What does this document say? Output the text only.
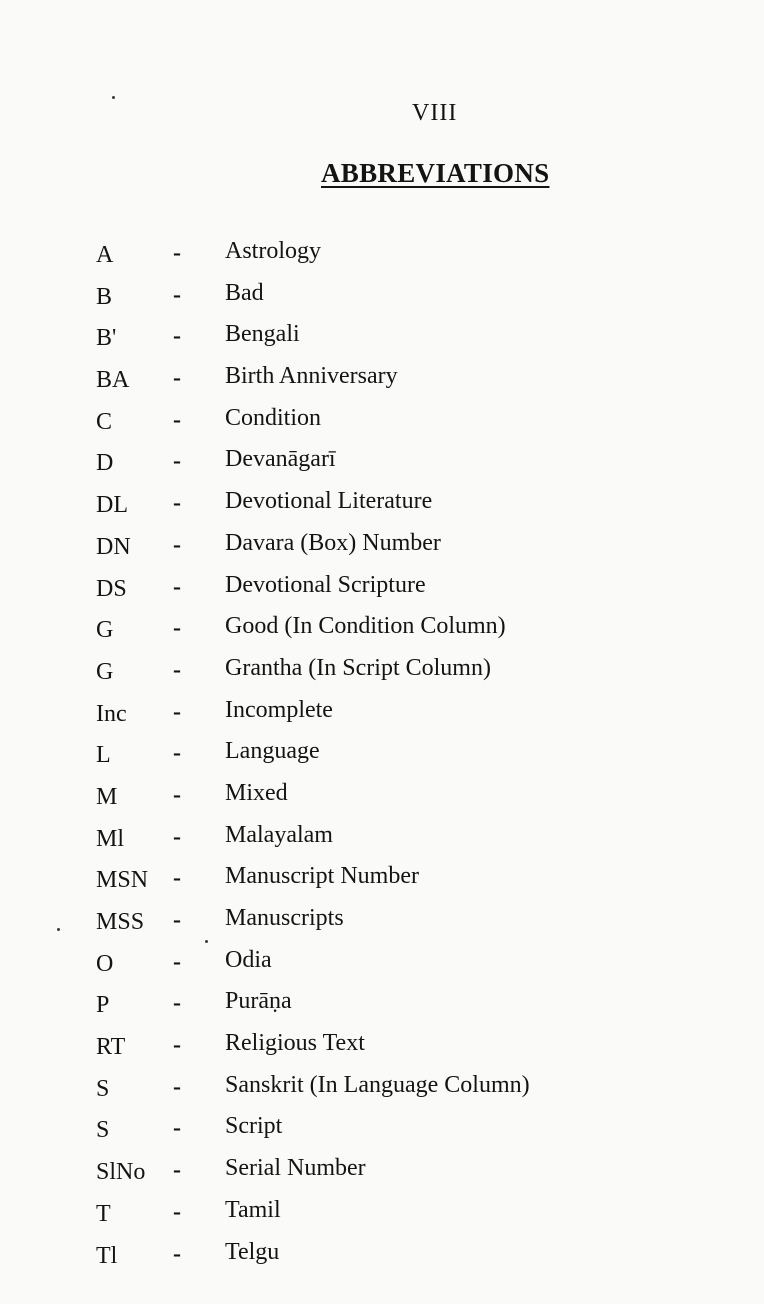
VIII
ABBREVIATIONS
A - Astrology
B	- Bad
B' - Bengali
BA - Birth Anniversary
C	- Condition
D - Devanāgarī
DL - Devotional Literature
DN - Davara (Box) Number
DS - Devotional Scripture
G - Good (In Condition Column)
G - Grantha (In Script Column)
Inc - Incomplete
L	- Language
M - Mixed
Ml - Malayalam
MSN - Manuscript Number
MSS - Manuscripts
O - Odia
P	- Purāṇa
RT - Religious Text
S	- Sanskrit (In Language Column)
S	- Script
SlNo - Serial Number
T	- Tamil
Tl - Telgu
